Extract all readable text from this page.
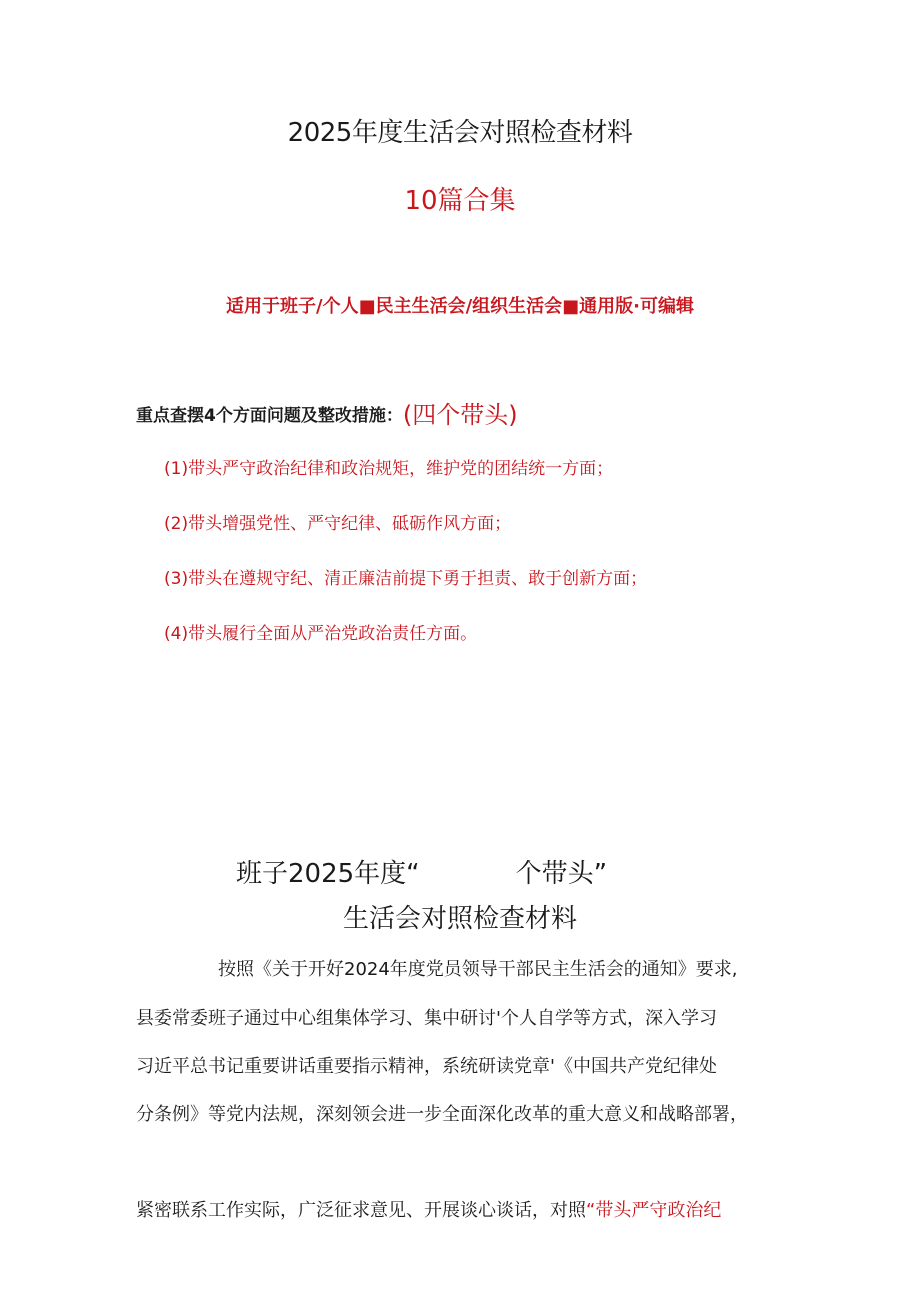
2025年度生活会对照检查材料
10篇合集
适用于班子/个人■民主生活会/组织生活会■通用版·可编辑
重点查摆4个方面问题及整改措施：(四个带头)
(1)带头严守政治纪律和政治规矩，维护党的团结统一方面；
(2)带头增强党性、严守纪律、砥砺作风方面；
(3)带头在遵规守纪、清正廉洁前提下勇于担责、敢于创新方面；
(4)带头履行全面从严治党政治责任方面。
班子2025年度“	个带头”
生活会对照检查材料
按照《关于开好2024年度党员领导干部民主生活会的通知》要求,
县委常委班子通过中心组集体学习、集中研讨'个人自学等方式，深入学习
习近平总书记重要讲话重要指示精神，系统研读党章'《中国共产党纪律处
分条例》等党内法规，深刻领会进一步全面深化改革的重大意义和战略部署，
紧密联系工作实际，广泛征求意见、开展谈心谈话，对照“带头严守政治纪
